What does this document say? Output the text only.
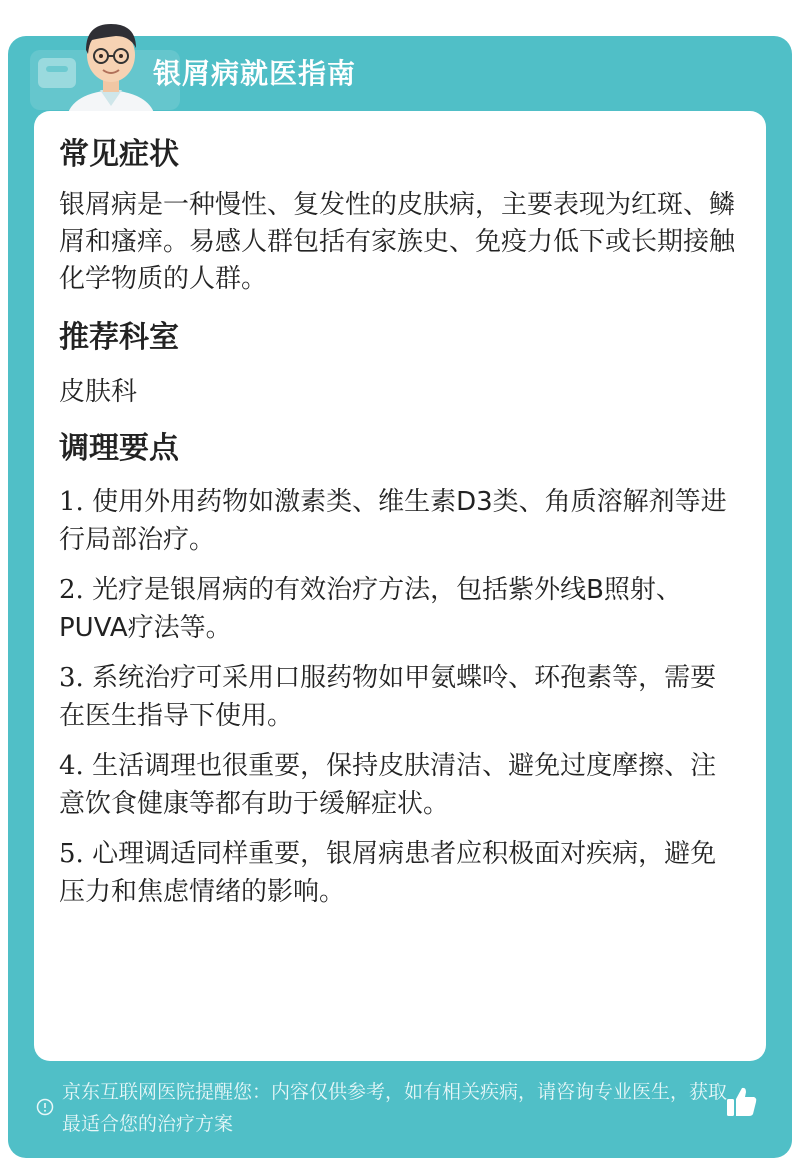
银屑病就医指南
常见症状

银屑病是一种慢性、复发性的皮肤病，主要表现为红斑、鳞屑和瘙痒。易感人群包括有家族史、免疫力低下或长期接触化学物质的人群。

推荐科室

皮肤科

调理要点

1. 使用外用药物如激素类、维生素D3类、角质溶解剂等进行局部治疗。

2. 光疗是银屑病的有效治疗方法，包括紫外线B照射、PUVA疗法等。

3. 系统治疗可采用口服药物如甲氨蝶呤、环孢素等，需要在医生指导下使用。

4. 生活调理也很重要，保持皮肤清洁、避免过度摩擦、注意饮食健康等都有助于缓解症状。

5. 心理调适同样重要，银屑病患者应积极面对疾病，避免压力和焦虑情绪的影响。

京东互联网医院提醒您：内容仅供参考，如有相关疾病，请咨询专业医生，获取最适合您的治疗方案
